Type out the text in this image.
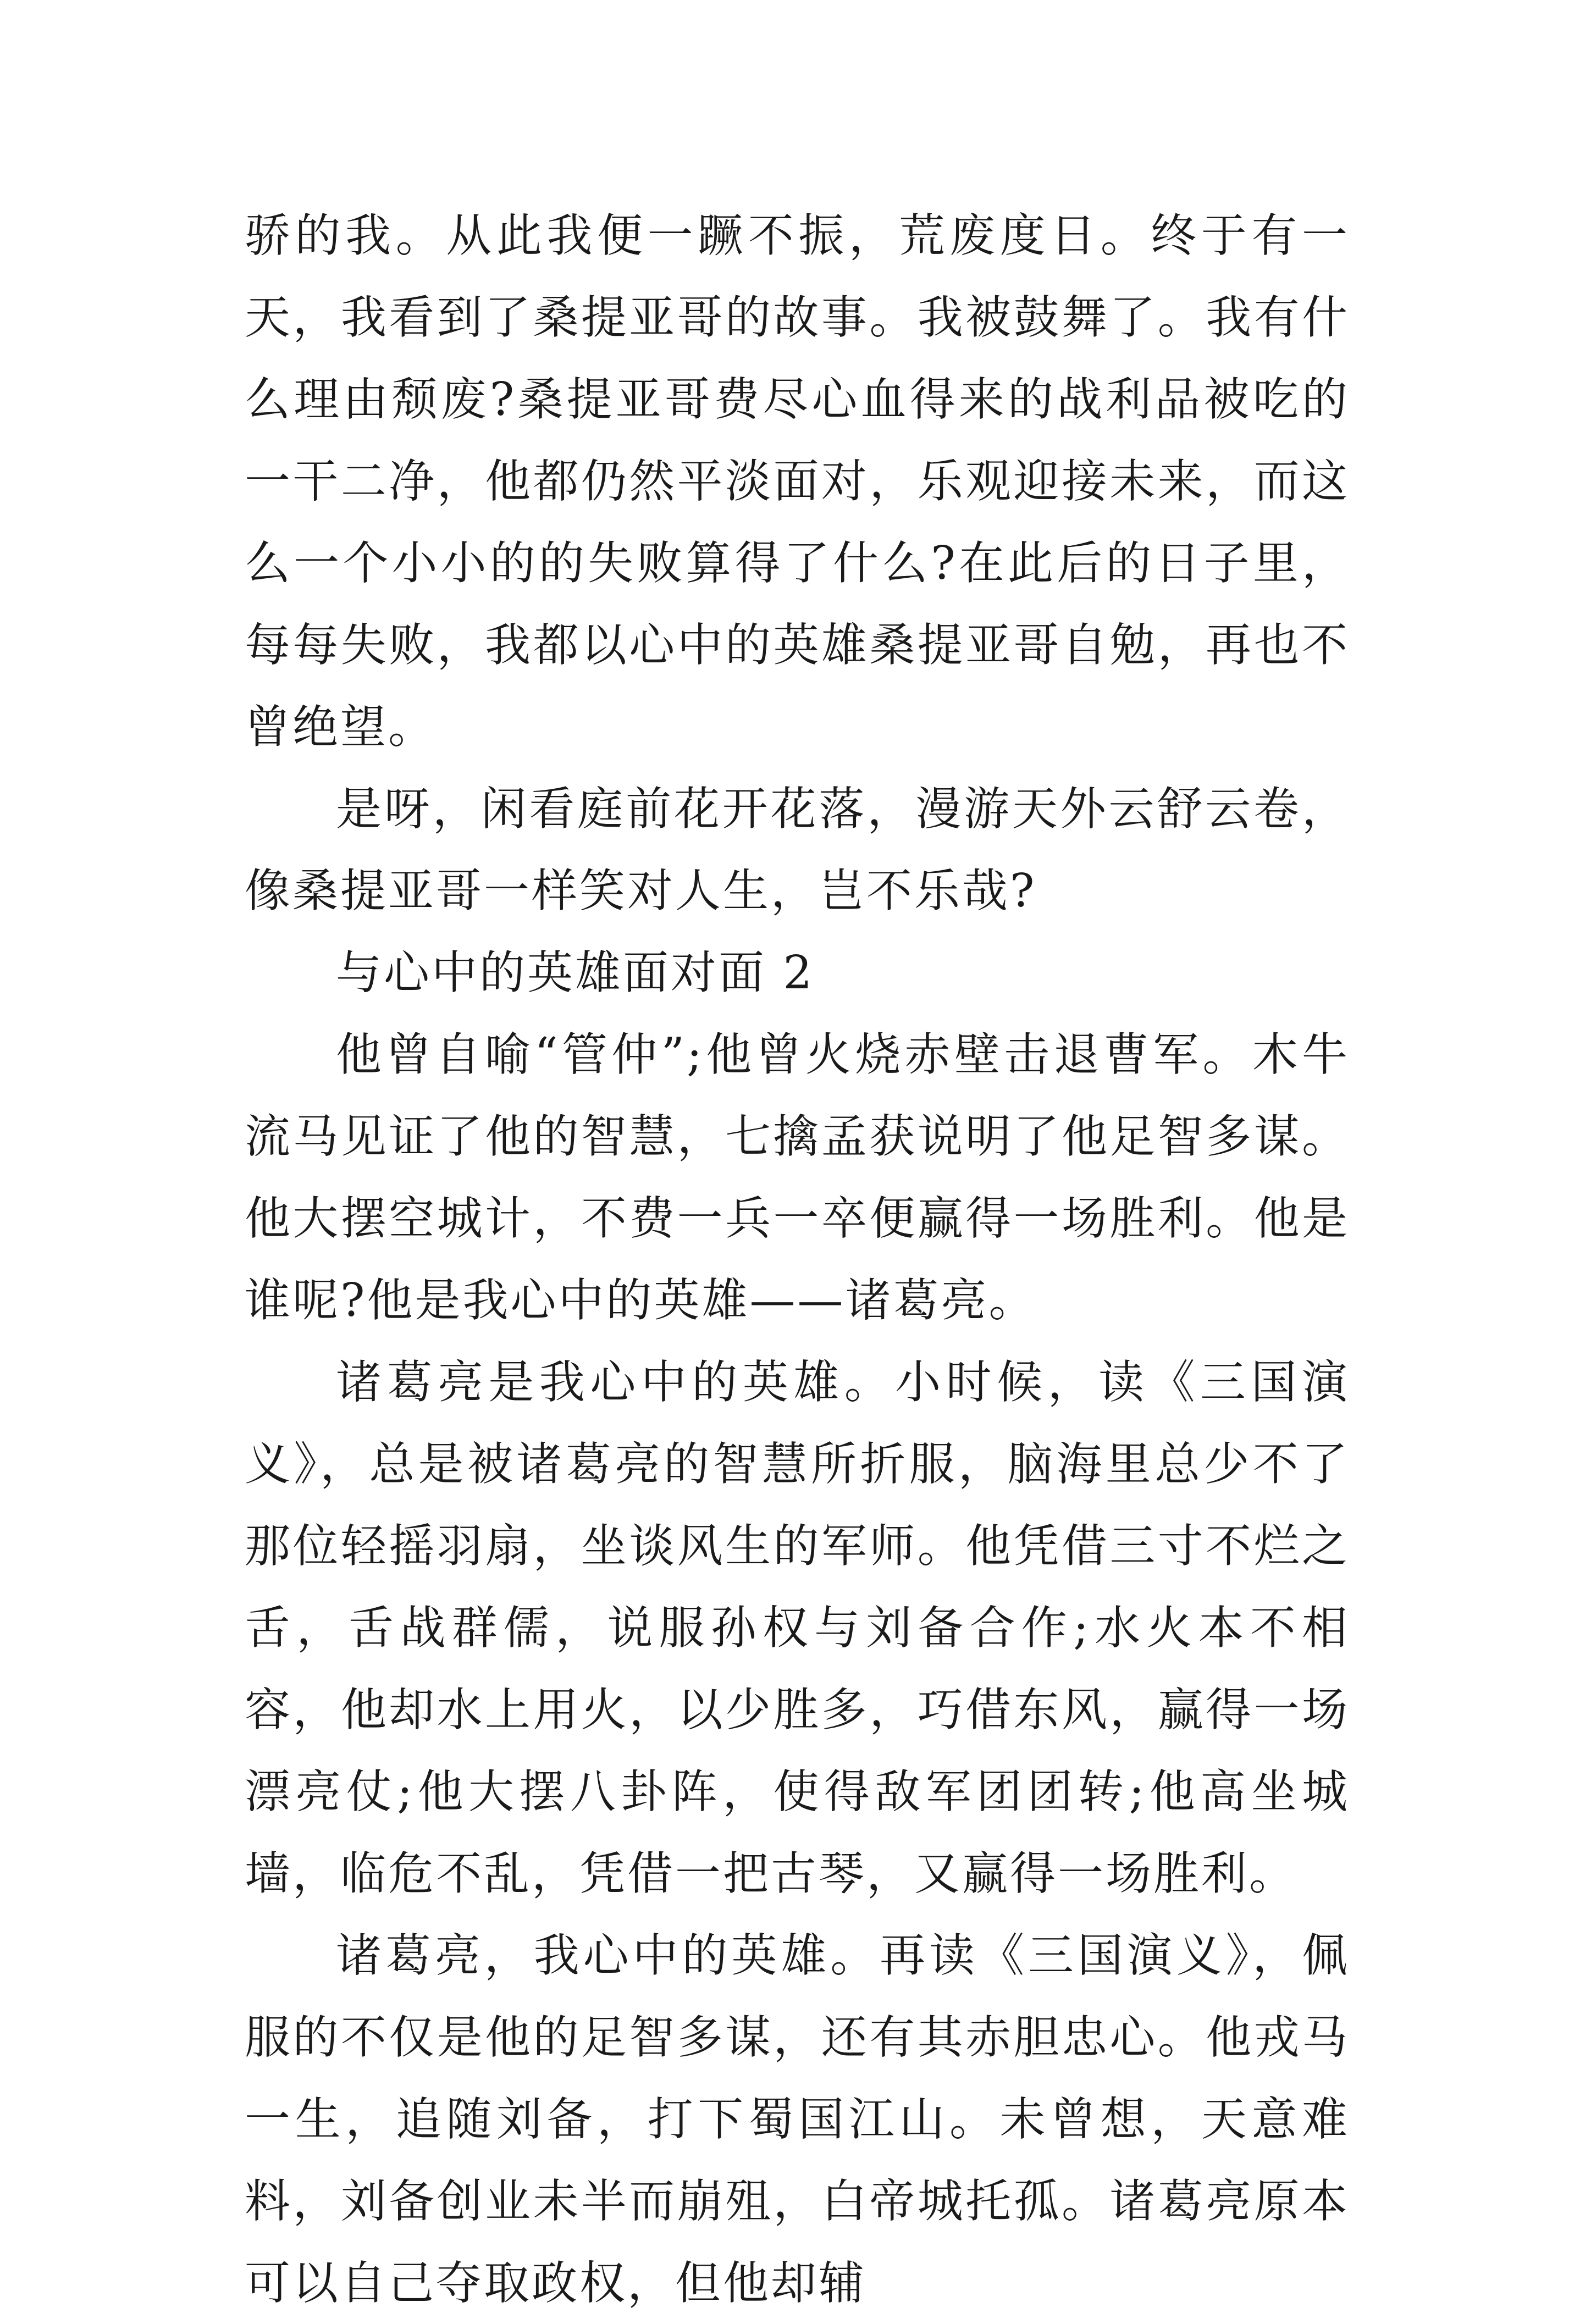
骄的我。从此我便一蹶不振，荒废度日。终于有一天，我看到了桑提亚哥的故事。我被鼓舞了。我有什么理由颓废?桑提亚哥费尽心血得来的战利品被吃的一干二净，他都仍然平淡面对，乐观迎接未来，而这么一个小小的的失败算得了什么?在此后的日子里，每每失败，我都以心中的英雄桑提亚哥自勉，再也不曾绝望。

是呀，闲看庭前花开花落，漫游天外云舒云卷，像桑提亚哥一样笑对人生，岂不乐哉?

与心中的英雄面对面 2

他曾自喻“管仲”;他曾火烧赤壁击退曹军。木牛流马见证了他的智慧，七擒孟获说明了他足智多谋。他大摆空城计，不费一兵一卒便赢得一场胜利。他是谁呢?他是我心中的英雄——诸葛亮。

诸葛亮是我心中的英雄。小时候，读《三国演义》，总是被诸葛亮的智慧所折服，脑海里总少不了那位轻摇羽扇，坐谈风生的军师。他凭借三寸不烂之舌，舌战群儒，说服孙权与刘备合作;水火本不相容，他却水上用火，以少胜多，巧借东风，赢得一场漂亮仗;他大摆八卦阵，使得敌军团团转;他高坐城墙，临危不乱，凭借一把古琴，又赢得一场胜利。

诸葛亮，我心中的英雄。再读《三国演义》，佩服的不仅是他的足智多谋，还有其赤胆忠心。他戎马一生，追随刘备，打下蜀国江山。未曾想，天意难料，刘备创业未半而崩殂，白帝城托孤。诸葛亮原本可以自己夺取政权，但他却辅
